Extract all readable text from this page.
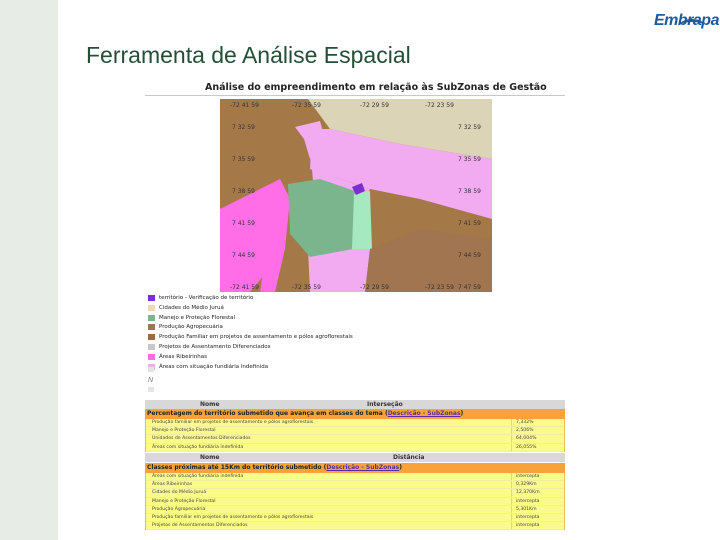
Embrapa
Ferramenta de Análise Espacial
Análise do empreendimento em relação às SubZonas de Gestão
-72 41 59	-72 35 59	-72 29 59	-72 23 59
-72 41 59	-72 35 59	-72 29 59	-72 23 59
7 32 59
7 35 59
7 38 59
7 41 59
7 44 59
7 47 59
7 32 59
7 35 59
7 38 59
7 41 59
7 44 59
território - Verificação de território
Cidades do Médio Juruá
Manejo e Proteção Florestal
Produção Agropecuária
Produção Familiar em projetos de assentamento e pólos agroflorestais
Projetos de Assentamento Diferenciados
Áreas Ribeirinhas
Áreas com situação fundiária indefinida
N
Nome	Interseção
Percentagem do território submetido que avança em classes do tema (Descrição - SubZonas)
Produção familiar em projetos de assentamento e pólos agroflorestais	7,332%
Manejo e Proteção Florestal	2,506%
Unidades de Assentamentos Diferenciados	64,004%
Áreas com situação fundiária indefinida	26,055%
Nome	Distância
Classes próximas até 15Km do território submetido (Descrição - SubZonas)
Áreas com situação fundiária indefinida	intercepta
Áreas Ribeirinhas	0,329Km
Cidades do Médio Juruá	12,370Km
Manejo e Proteção Florestal	intercepta
Produção Agropecuária	5,301Km
Produção familiar em projetos de assentamento e pólos agroflorestais	intercepta
Projetos de Assentamentos Diferenciados	intercepta
